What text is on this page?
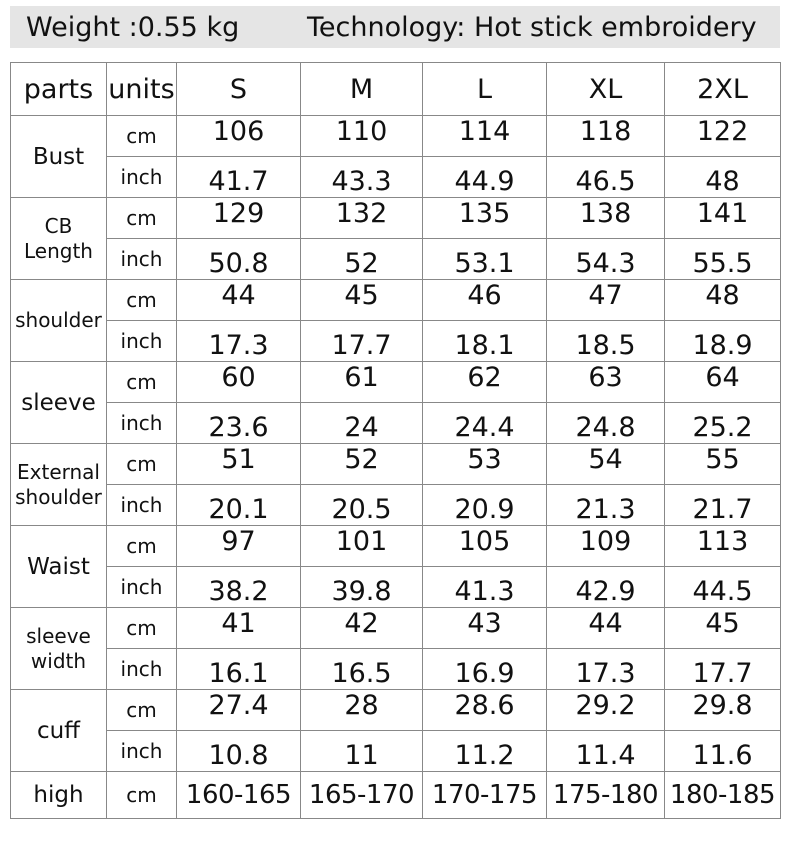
Weight :0.55 kg	Technology: Hot stick embroidery
parts	units	S	M	L	XL	2XL
Bust	cm	106	110	114	118	122
	inch	41.7	43.3	44.9	46.5	48
CB
Length	cm	129	132	135	138	141
	inch	50.8	52	53.1	54.3	55.5
shoulder	cm	44	45	46	47	48
	inch	17.3	17.7	18.1	18.5	18.9
sleeve	cm	60	61	62	63	64
	inch	23.6	24	24.4	24.8	25.2
External
shoulder	cm	51	52	53	54	55
	inch	20.1	20.5	20.9	21.3	21.7
Waist	cm	97	101	105	109	113
	inch	38.2	39.8	41.3	42.9	44.5
sleeve
width	cm	41	42	43	44	45
	inch	16.1	16.5	16.9	17.3	17.7
cuff	cm	27.4	28	28.6	29.2	29.8
	inch	10.8	11	11.2	11.4	11.6
high	cm	160-165	165-170	170-175	175-180	180-185
